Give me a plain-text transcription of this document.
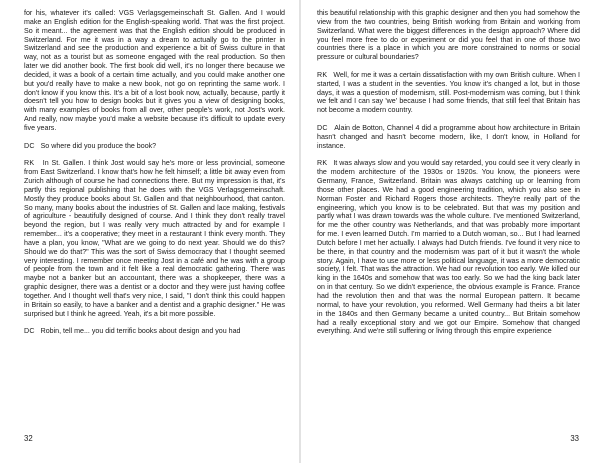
for his, whatever it's called: VGS Verlagsgemeinschaft St. Gallen. And I would make an English edition for the English-speaking world. That was the first project. So it meant... the agreement was that the English edition should be produced in Switzerland. For me it was in a way a dream to actually go to the printer in Switzerland and see the production and experience a bit of Swiss culture in that way, not as a tourist but as someone engaged with the real production. So then later we did another book. The first book did well, it's no longer there because we decided, it was a book of a certain time actually, and you could make another one but you'd really have to make a new book, not go on reprinting the same work. I don't know if you know this. It's a bit of a lost book now, actually, because, partly it doesn't tell you how to design books but it gives you a view of designing books, with many examples of books from all over, other people's work, not Jost's work. And really, now maybe you'd make a website because it's difficult to update every five years.

DC So where did you produce the book?

RK In St. Gallen. I think Jost would say he's more or less provincial, someone from East Switzerland. I know that's how he felt himself; a little bit away even from Zurich although of course he had connections there. But my impression is that, it's partly this regional publishing that he does with the VGS Verlagsgemeinschaft. Mostly they produce books about St. Gallen and that neighbourhood, that canton. So many, many books about the industries of St. Gallen and lace making, festivals of agriculture - beautifully designed of course. And I think they don't really travel beyond the region, but I was really very much attracted by and for example I remember... it's a cooperative; they meet in a restaurant I think every month. They have a plan, you know, "What are we going to do next year. Should we do this? Should we do that?" This was the sort of Swiss democracy that I thought seemed very interesting. I remember once meeting Jost in a café and he was with a group of people from the town and it felt like a real democratic gathering. There was maybe not a banker but an accountant, there was a shopkeeper, there was a graphic designer, there was a dentist or a doctor and they were just having coffee together. And I thought well that's very nice, I said, "I don't think this could happen in Britain so easily, to have a banker and a dentist and a graphic designer." He was surprised but I think he agreed. Yeah, it's a bit more possible.

DC Robin, tell me... you did terrific books about design and you had

32

this beautiful relationship with this graphic designer and then you had somehow the view from the two countries, being British working from Britain and working from Switzerland. What were the biggest differences in the design approach? Where did you feel more free to do or experiment or did you feel that in one of those two countries there is a place in which you are more constrained to norms or social pressure or cultural boundaries?

RK Well, for me it was a certain dissatisfaction with my own British culture. When I started, I was a student in the seventies. You know it's changed a lot, but in those days, it was a question of modernism, still. Post-modernism was coming, but I think we felt and I can say 'we' because I had some friends, that still feel that Britain has not become a modern country.

DC Alain de Botton, Channel 4 did a programme about how architecture in Britain hasn't changed and hasn't become modern, like, I don't know, in Holland for instance.

RK It was always slow and you would say retarded, you could see it very clearly in the modern architecture of the 1930s or 1920s. You know, the pioneers were Germany, France, Switzerland. Britain was always catching up or learning from those other places. We had a good engineering tradition, which you also see in Norman Foster and Richard Rogers those architects. They're really part of the engineering, which you know is to be celebrated. But that was my position and partly what I was drawn towards was the whole culture. I've mentioned Switzerland, for me the other country was Netherlands, and that was probably more important for me. I even learned Dutch. I'm married to a Dutch woman, so... But I had learned Dutch before I met her actually. I always had Dutch friends. I've found it very nice to be there, in that country and the modernism was part of it but it wasn't the whole story. Again, I have to use more or less political language, it was a more democratic society, I felt. That was the attraction. We had our revolution too early. We killed our king in the 1640s and somehow that was too early. So we had the king back later on in that century. So we didn't experience, the obvious example is France. France had the revolution then and that was the normal European pattern. It became normal, to have your revolution, you reformed. Well Germany had theirs a bit later in the 1840s and then Germany became a united country... But Britain somehow had a really exceptional story and we got our Empire. Somehow that changed everything. And we're still suffering or living through this empire experience

33
